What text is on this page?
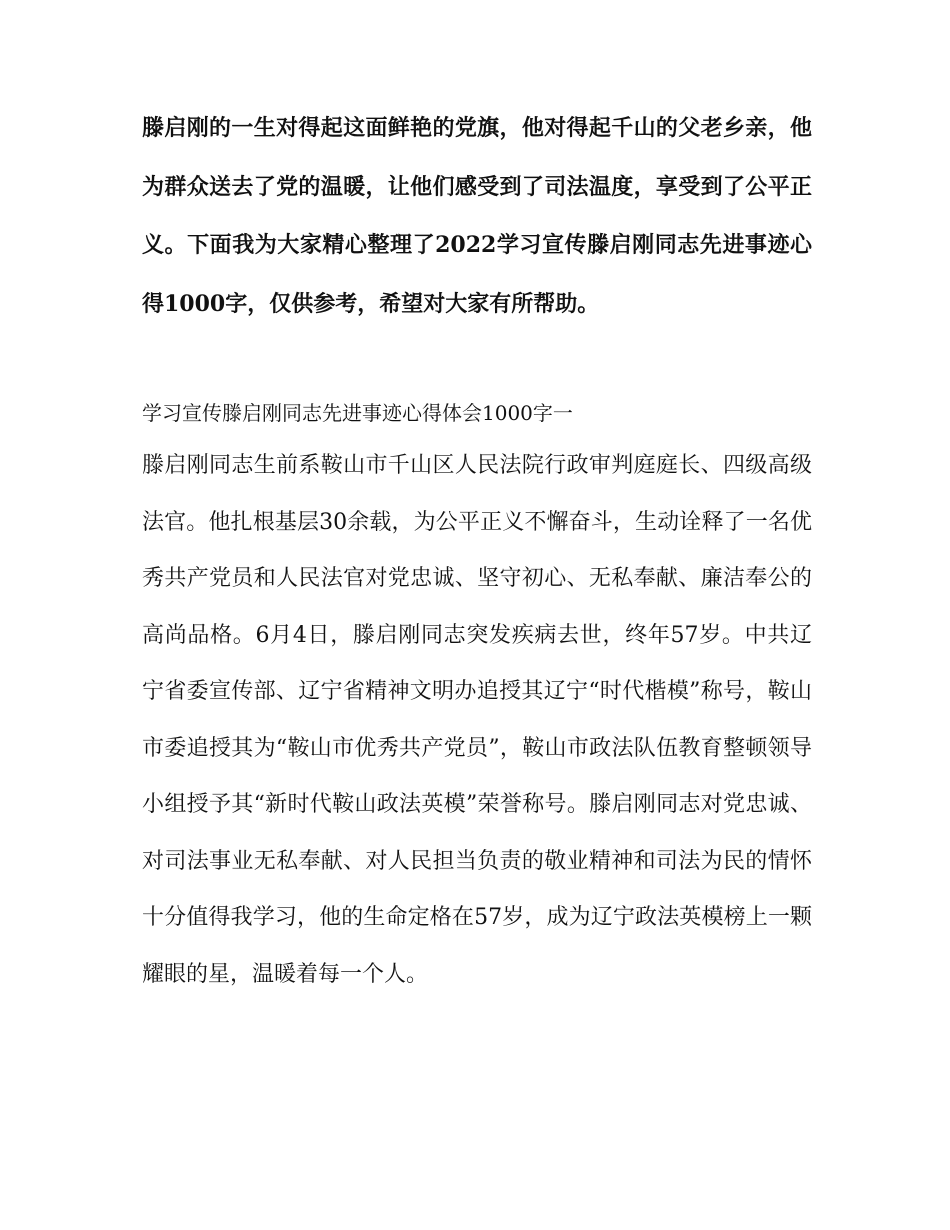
滕启刚的一生对得起这面鲜艳的党旗，他对得起千山的父老乡亲，他为群众送去了党的温暖，让他们感受到了司法温度，享受到了公平正义。下面我为大家精心整理了2022学习宣传滕启刚同志先进事迹心得1000字，仅供参考，希望对大家有所帮助。

学习宣传滕启刚同志先进事迹心得体会1000字一

滕启刚同志生前系鞍山市千山区人民法院行政审判庭庭长、四级高级法官。他扎根基层30余载，为公平正义不懈奋斗，生动诠释了一名优秀共产党员和人民法官对党忠诚、坚守初心、无私奉献、廉洁奉公的高尚品格。6月4日，滕启刚同志突发疾病去世，终年57岁。中共辽宁省委宣传部、辽宁省精神文明办追授其辽宁“时代楷模”称号，鞍山市委追授其为“鞍山市优秀共产党员”，鞍山市政法队伍教育整顿领导小组授予其“新时代鞍山政法英模”荣誉称号。滕启刚同志对党忠诚、对司法事业无私奉献、对人民担当负责的敬业精神和司法为民的情怀十分值得我学习，他的生命定格在57岁，成为辽宁政法英模榜上一颗耀眼的星，温暖着每一个人。
